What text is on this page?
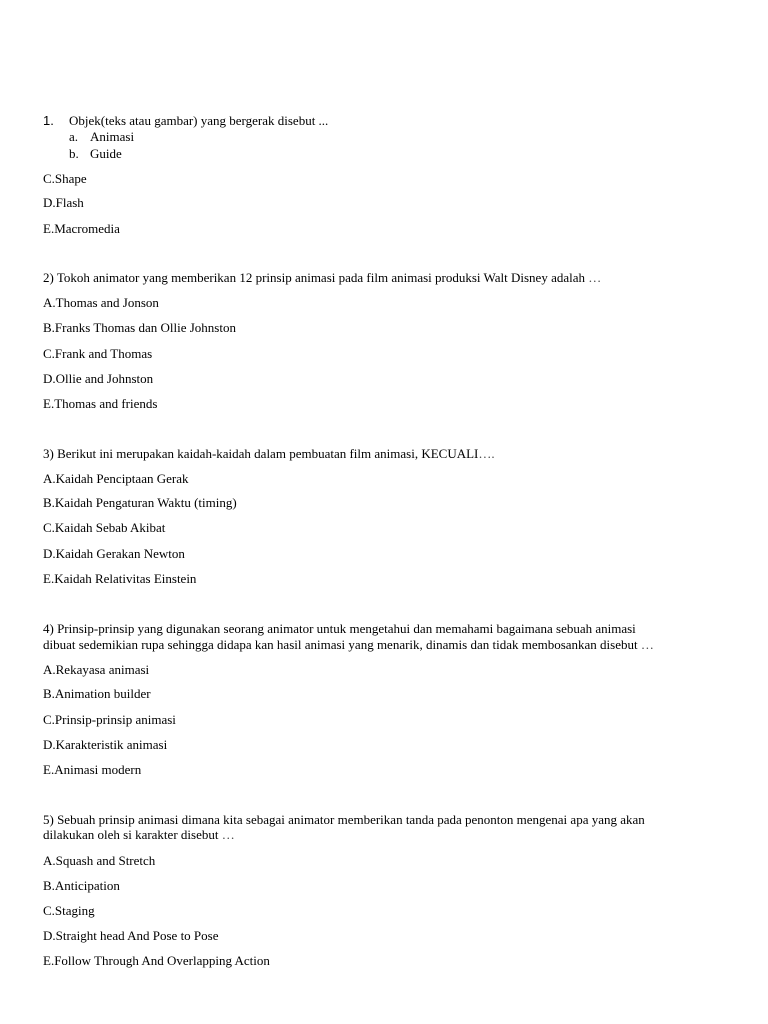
1. Objek(teks atau gambar) yang bergerak disebut ...
a. Animasi
b. Guide
C.Shape
D.Flash
E.Macromedia
2) Tokoh animator yang memberikan 12 prinsip animasi pada film animasi produksi Walt Disney adalah …
A.Thomas and Jonson
B.Franks Thomas dan Ollie Johnston
C.Frank and Thomas
D.Ollie and Johnston
E.Thomas and friends
3) Berikut ini merupakan kaidah-kaidah dalam pembuatan film animasi, KECUALI….
A.Kaidah Penciptaan Gerak
B.Kaidah Pengaturan Waktu (timing)
C.Kaidah Sebab Akibat
D.Kaidah Gerakan Newton
E.Kaidah Relativitas Einstein
4) Prinsip-prinsip yang digunakan seorang animator untuk mengetahui dan memahami bagaimana sebuah animasi
dibuat sedemikian rupa sehingga didapa kan hasil animasi yang menarik, dinamis dan tidak membosankan disebut …
A.Rekayasa animasi
B.Animation builder
C.Prinsip-prinsip animasi
D.Karakteristik animasi
E.Animasi modern
5) Sebuah prinsip animasi dimana kita sebagai animator memberikan tanda pada penonton mengenai apa yang akan
dilakukan oleh si karakter disebut …
A.Squash and Stretch
B.Anticipation
C.Staging
D.Straight head And Pose to Pose
E.Follow Through And Overlapping Action
